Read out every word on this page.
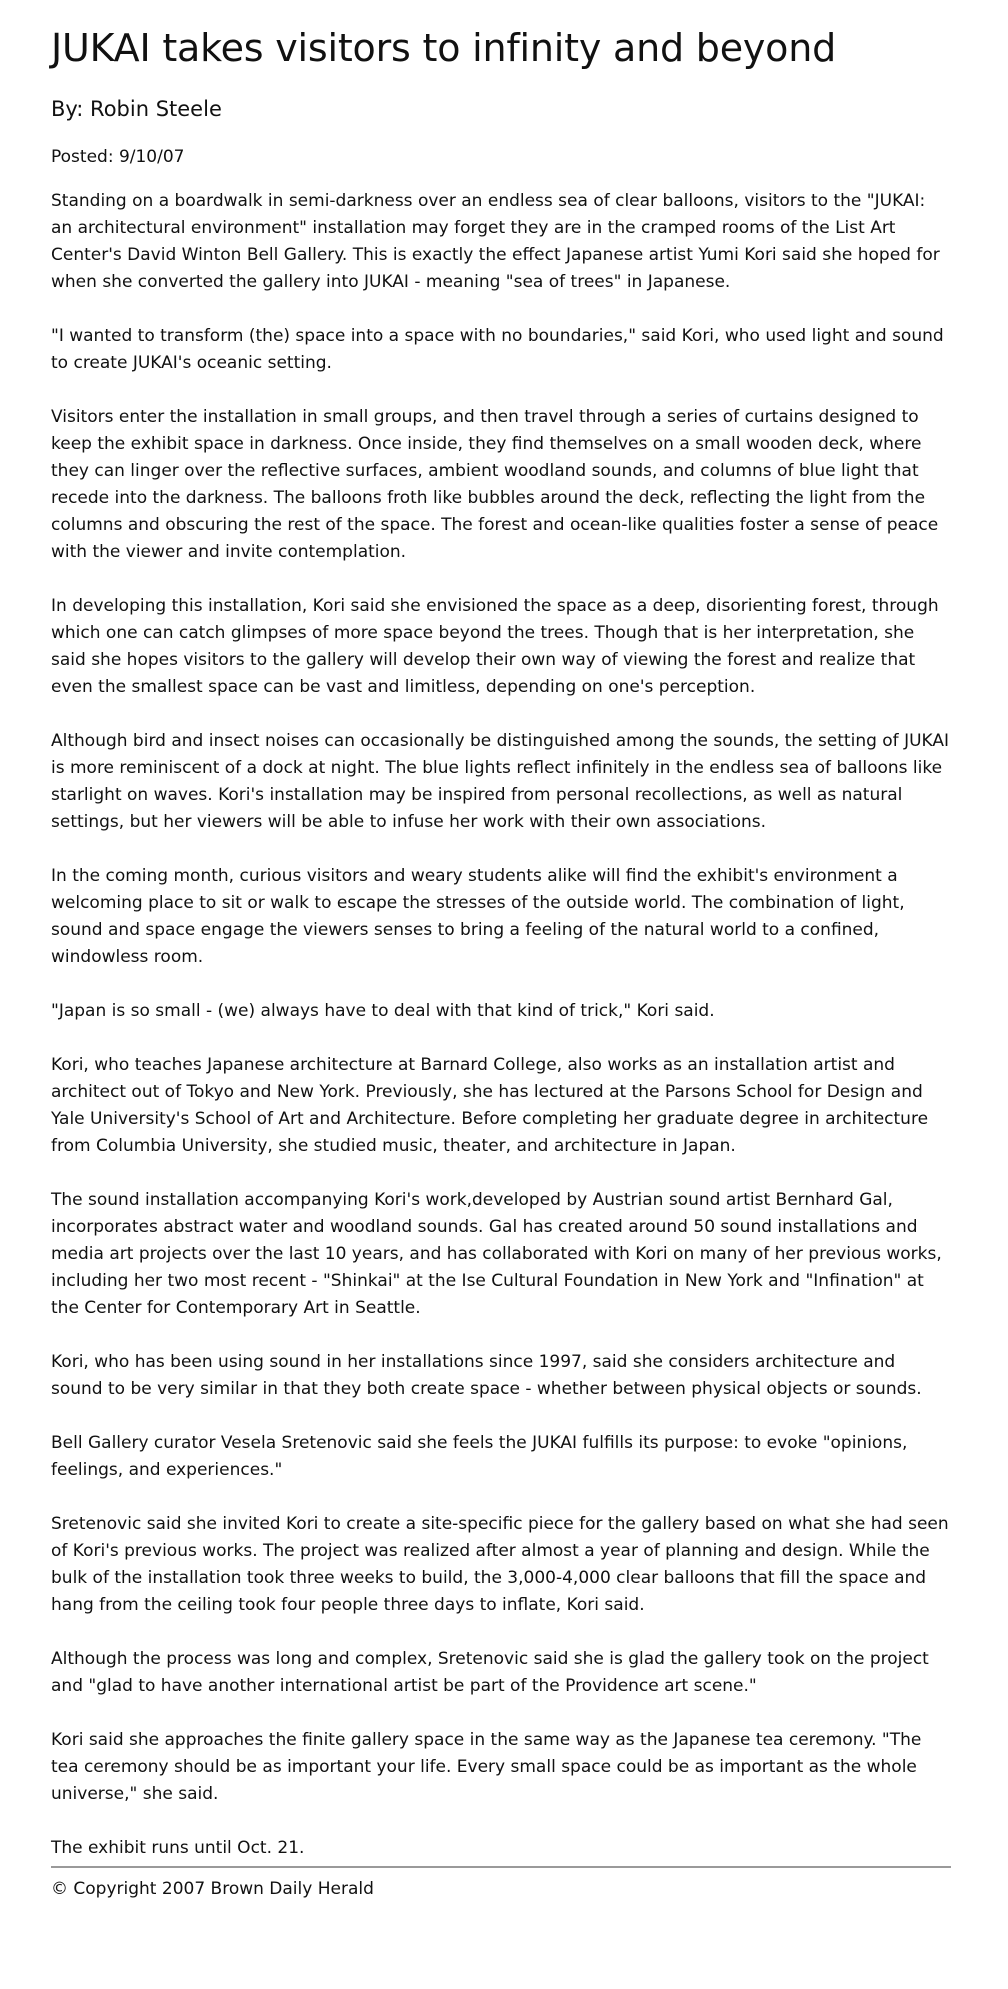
JUKAI takes visitors to infinity and beyond
By: Robin Steele
Posted: 9/10/07

Standing on a boardwalk in semi-darkness over an endless sea of clear balloons, visitors to the "JUKAI: an architectural environment" installation may forget they are in the cramped rooms of the List Art Center's David Winton Bell Gallery. This is exactly the effect Japanese artist Yumi Kori said she hoped for when she converted the gallery into JUKAI - meaning "sea of trees" in Japanese.

"I wanted to transform (the) space into a space with no boundaries," said Kori, who used light and sound to create JUKAI's oceanic setting.

Visitors enter the installation in small groups, and then travel through a series of curtains designed to keep the exhibit space in darkness. Once inside, they find themselves on a small wooden deck, where they can linger over the reflective surfaces, ambient woodland sounds, and columns of blue light that recede into the darkness. The balloons froth like bubbles around the deck, reflecting the light from the columns and obscuring the rest of the space. The forest and ocean-like qualities foster a sense of peace with the viewer and invite contemplation.

In developing this installation, Kori said she envisioned the space as a deep, disorienting forest, through which one can catch glimpses of more space beyond the trees. Though that is her interpretation, she said she hopes visitors to the gallery will develop their own way of viewing the forest and realize that even the smallest space can be vast and limitless, depending on one's perception.

Although bird and insect noises can occasionally be distinguished among the sounds, the setting of JUKAI is more reminiscent of a dock at night. The blue lights reflect infinitely in the endless sea of balloons like starlight on waves. Kori's installation may be inspired from personal recollections, as well as natural settings, but her viewers will be able to infuse her work with their own associations.

In the coming month, curious visitors and weary students alike will find the exhibit's environment a welcoming place to sit or walk to escape the stresses of the outside world. The combination of light, sound and space engage the viewers senses to bring a feeling of the natural world to a confined, windowless room.

"Japan is so small - (we) always have to deal with that kind of trick," Kori said.

Kori, who teaches Japanese architecture at Barnard College, also works as an installation artist and architect out of Tokyo and New York. Previously, she has lectured at the Parsons School for Design and Yale University's School of Art and Architecture. Before completing her graduate degree in architecture from Columbia University, she studied music, theater, and architecture in Japan.

The sound installation accompanying Kori's work,developed by Austrian sound artist Bernhard Gal, incorporates abstract water and woodland sounds. Gal has created around 50 sound installations and media art projects over the last 10 years, and has collaborated with Kori on many of her previous works, including her two most recent - "Shinkai" at the Ise Cultural Foundation in New York and "Infination" at the Center for Contemporary Art in Seattle.

Kori, who has been using sound in her installations since 1997, said she considers architecture and sound to be very similar in that they both create space - whether between physical objects or sounds.

Bell Gallery curator Vesela Sretenovic said she feels the JUKAI fulfills its purpose: to evoke "opinions, feelings, and experiences."

Sretenovic said she invited Kori to create a site-specific piece for the gallery based on what she had seen of Kori's previous works. The project was realized after almost a year of planning and design. While the bulk of the installation took three weeks to build, the 3,000-4,000 clear balloons that fill the space and hang from the ceiling took four people three days to inflate, Kori said.

Although the process was long and complex, Sretenovic said she is glad the gallery took on the project and "glad to have another international artist be part of the Providence art scene."

Kori said she approaches the finite gallery space in the same way as the Japanese tea ceremony. "The tea ceremony should be as important your life. Every small space could be as important as the whole universe," she said.

The exhibit runs until Oct. 21.

© Copyright 2007 Brown Daily Herald
